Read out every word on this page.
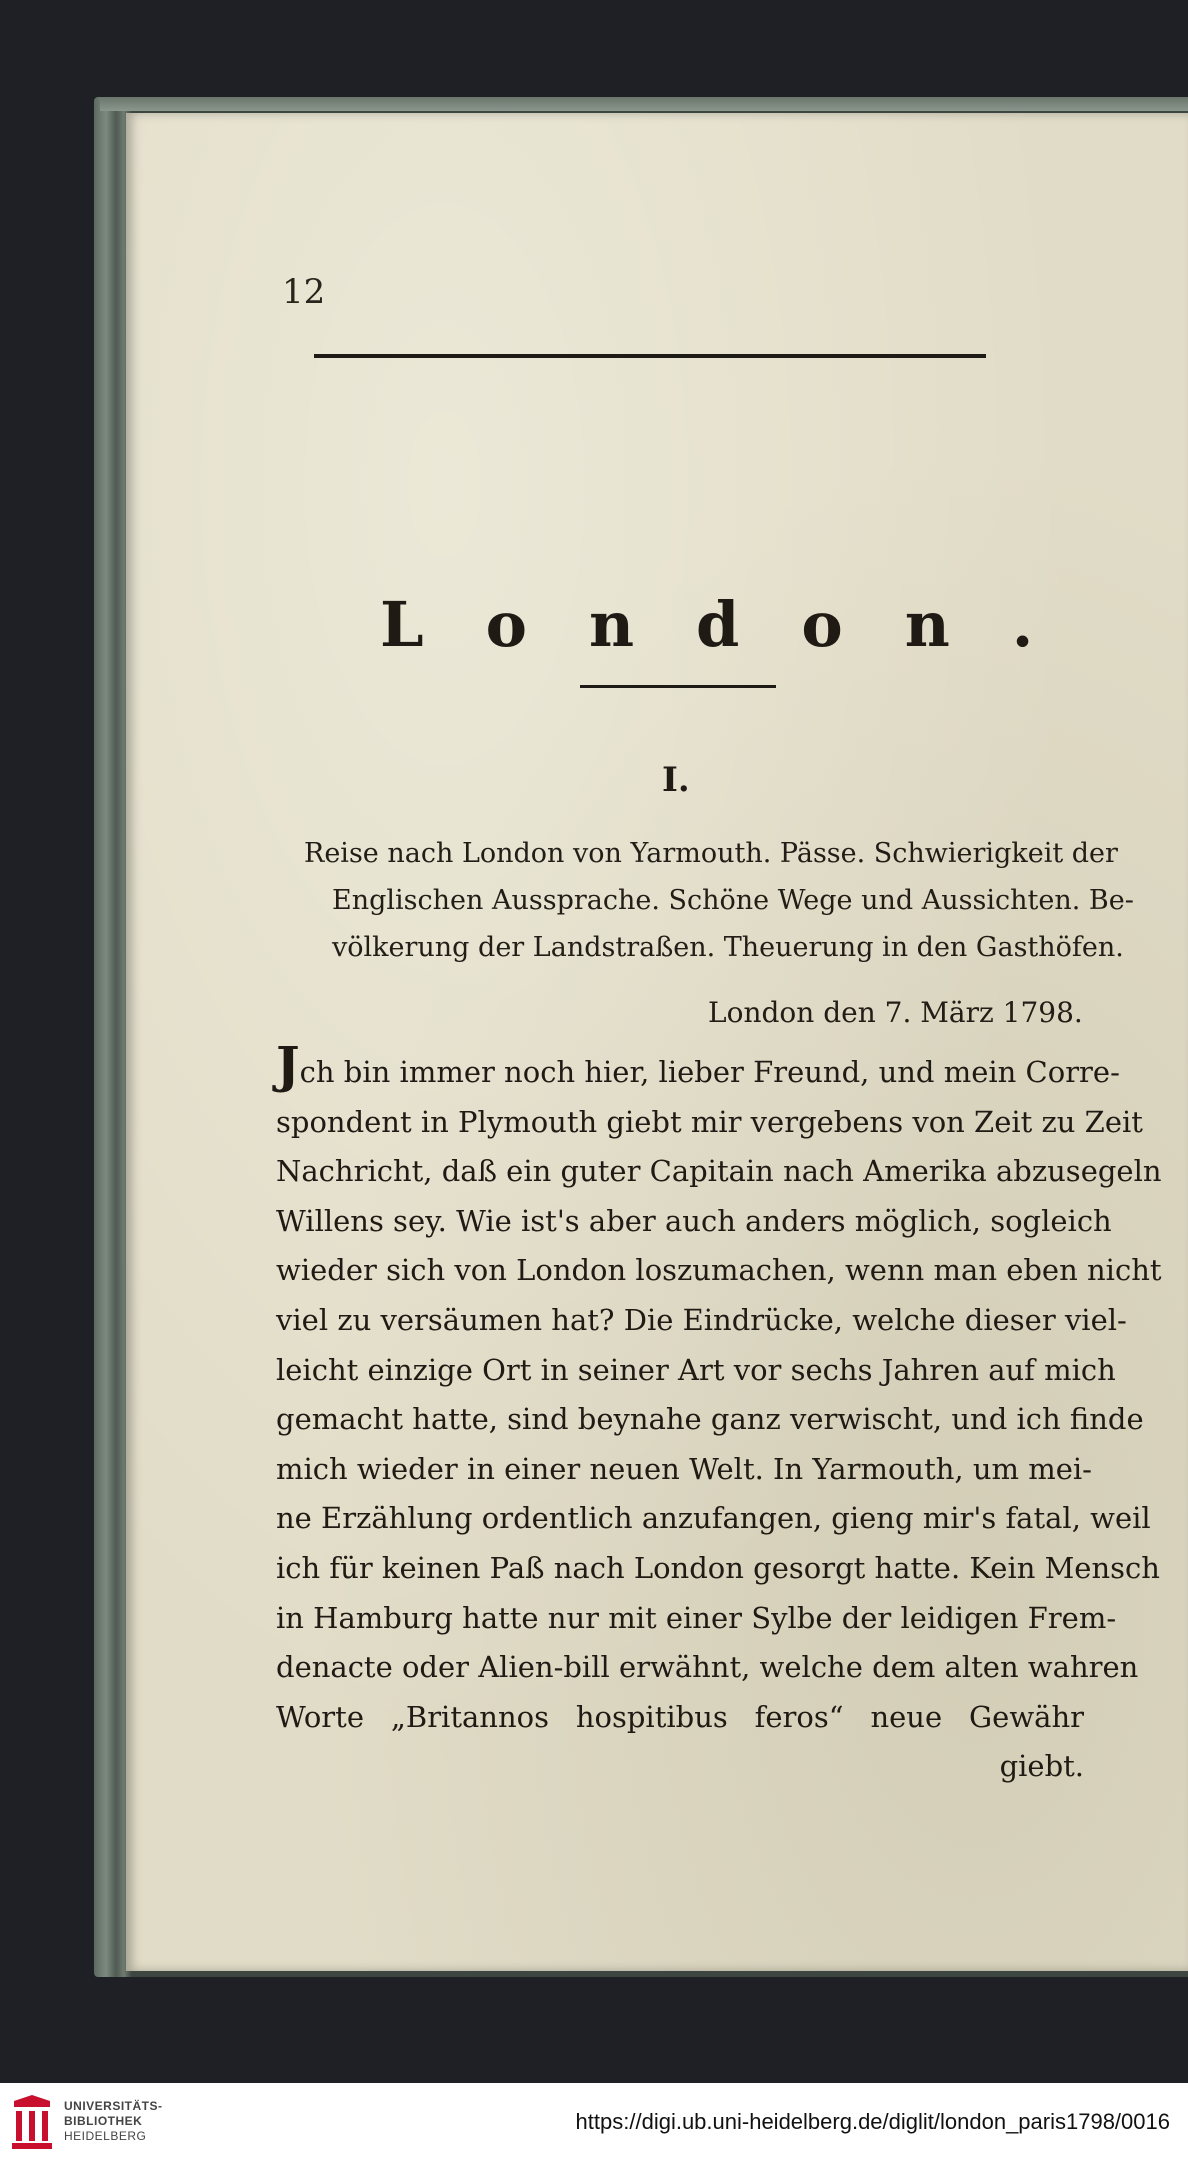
12
London.
I.
Reise nach London von Yarmouth. Pässe. Schwierigkeit der
Englischen Aussprache. Schöne Wege und Aussichten. Be-
völkerung der Landstraßen. Theuerung in den Gasthöfen.
London den 7. März 1798.
Jch bin immer noch hier, lieber Freund, und mein Corre-
spondent in Plymouth giebt mir vergebens von Zeit zu Zeit
Nachricht, daß ein guter Capitain nach Amerika abzusegeln
Willens sey. Wie ist's aber auch anders möglich, sogleich
wieder sich von London loszumachen, wenn man eben nicht
viel zu versäumen hat? Die Eindrücke, welche dieser viel-
leicht einzige Ort in seiner Art vor sechs Jahren auf mich
gemacht hatte, sind beynahe ganz verwischt, und ich finde
mich wieder in einer neuen Welt. In Yarmouth, um mei-
ne Erzählung ordentlich anzufangen, gieng mir's fatal, weil
ich für keinen Paß nach London gesorgt hatte. Kein Mensch
in Hamburg hatte nur mit einer Sylbe der leidigen Frem-
denacte oder Alien-bill erwähnt, welche dem alten wahren
Worte „Britannos hospitibus feros“ neue Gewähr
giebt.
UNIVERSITÄTS-
BIBLIOTHEK
HEIDELBERG
https://digi.ub.uni-heidelberg.de/diglit/london_paris1798/0016
